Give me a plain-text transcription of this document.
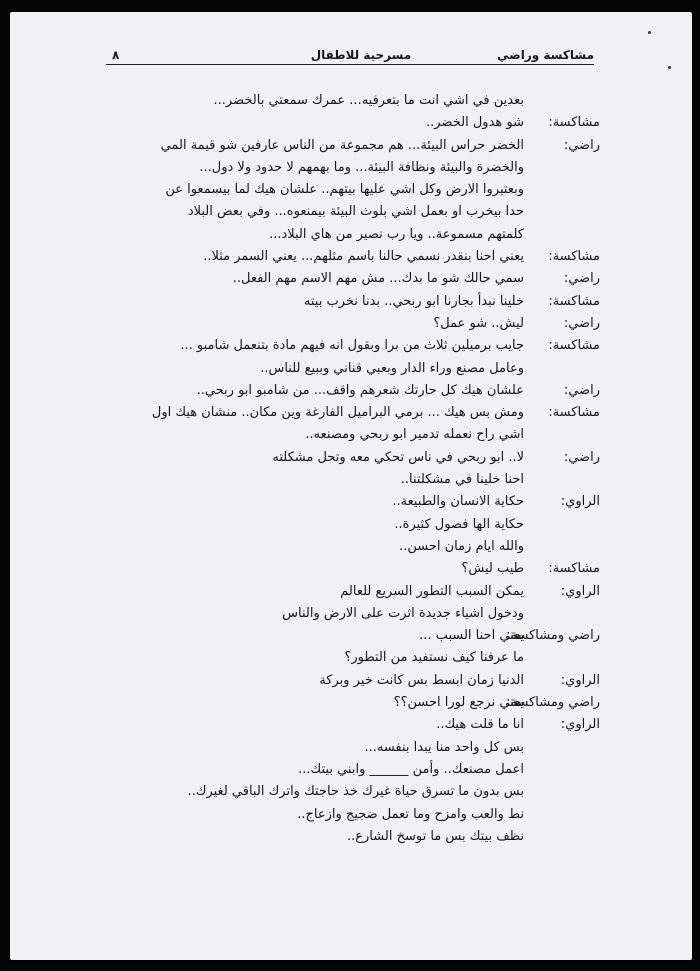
مشاكسة وراضي
مسرحية للاطفال
٨
بعدين في اشي انت ما بتعرفيه... عمرك سمعتي بالخضر...
مشاكسة:
شو هدول الخضر..
راضي:
الخضر حراس البيئة... هم مجموعة من الناس عارفين شو قيمة المي
والخضرة والبيئة ونظافة البيئة... وما بهمهم لا حدود ولا دول...
وبعتبروا الارض وكل اشي عليها بيتهم.. علشان هيك لما بيسمعوا عن
حدا بيخرب او بعمل اشي بلوث البيئة بيمنعوه... وفي بعض البلاد
كلمتهم مسموعة.. ويا رب نصير من هاي البلاد...
مشاكسة:
يعني احنا بنقدر نسمي حالنا باسم مثلهم... يعني السمر مثلا..
راضي:
سمي حالك شو ما بدك... مش مهم الاسم مهم الفعل..
مشاكسة:
خلينا نبدأ بجارنا ابو ربحي.. بدنا نخرب بيته
راضي:
ليش.. شو عمل؟
مشاكسة:
جايب برميلين ثلاث من برا وبقول انه فيهم مادة بتنعمل شامبو ...
وعامل مصنع وراء الدار وبعبي قناني وببيع للناس..
راضي:
علشان هيك كل حارتك شعرهم واقف... من شامبو ابو ربحي..
مشاكسة:
ومش بس هيك ... برمي البراميل الفارغة وين مكان.. منشان هيك اول
اشي راح نعمله تدمير ابو ربحي ومصنعه..
راضي:
لا.. ابو ربحي في ناس تحكي معه وتحل مشكلته
احنا خلينا في مشكلتنا..
الراوي:
حكاية الانسان والطبيعة..
حكاية الها فصول كثيرة..
والله ايام زمان احسن..
مشاكسة:
طيب ليش؟
الراوي:
يمكن السبب التطور السريع للعالم
ودخول اشياء جديدة اثرت على الارض والناس
راضي ومشاكسة:
يعني احنا السبب ...
ما عرفنا كيف نستفيد من التطور؟
الراوي:
الدنيا زمان ابسط بس كانت خير وبركة
راضي ومشاكسة:
يعني نرجع لورا احسن؟؟
الراوي:
انا ما قلت هيك..
بس كل واحد منا يبدا بنفسه...
اعمل مصنعك.. وأمن ______ وابني بيتك...
بس بدون ما تسرق حياة غيرك خذ حاجتك واترك الباقي لغيرك..
نط والعب وامزح وما تعمل ضجيج وازعاج..
نظف بيتك بس ما توسخ الشارع..
